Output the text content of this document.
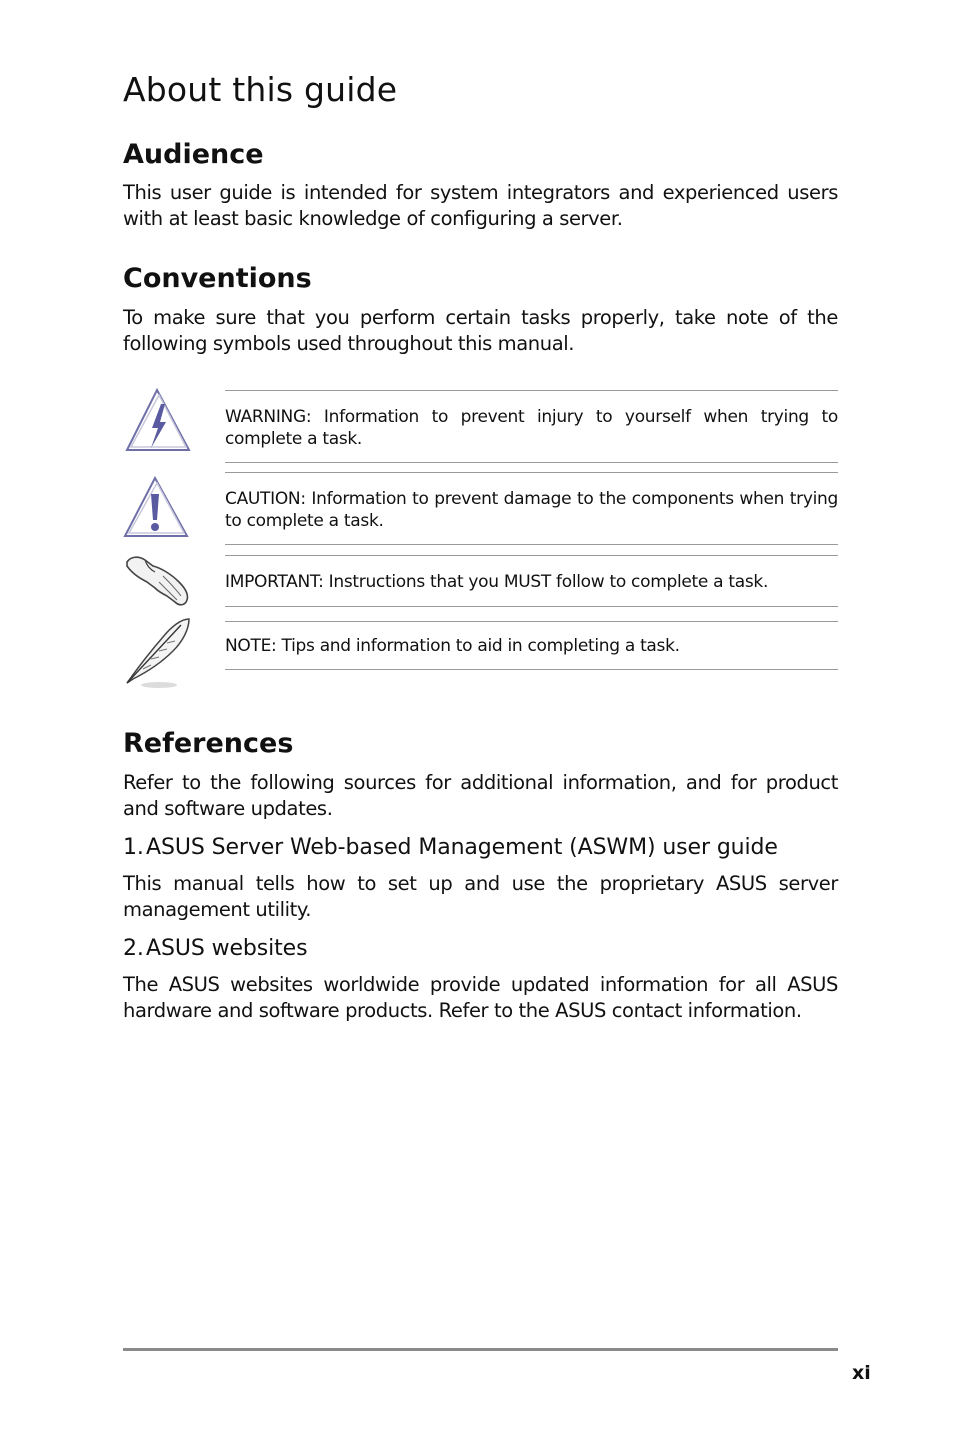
About this guide
Audience

This user guide is intended for system integrators and experienced users with at least basic knowledge of configuring a server.

Conventions

To make sure that you perform certain tasks properly, take note of the following symbols used throughout this manual.

WARNING: Information to prevent injury to yourself when trying to complete a task.

CAUTION: Information to prevent damage to the components when trying to complete a task.

IMPORTANT: Instructions that you MUST follow to complete a task.

NOTE: Tips and information to aid in completing a task.

References

Refer to the following sources for additional information, and for product and software updates.

1. ASUS Server Web-based Management (ASWM) user guide

This manual tells how to set up and use the proprietary ASUS server management utility.

2. ASUS websites

The ASUS websites worldwide provide updated information for all ASUS hardware and software products. Refer to the ASUS contact information.

xi
